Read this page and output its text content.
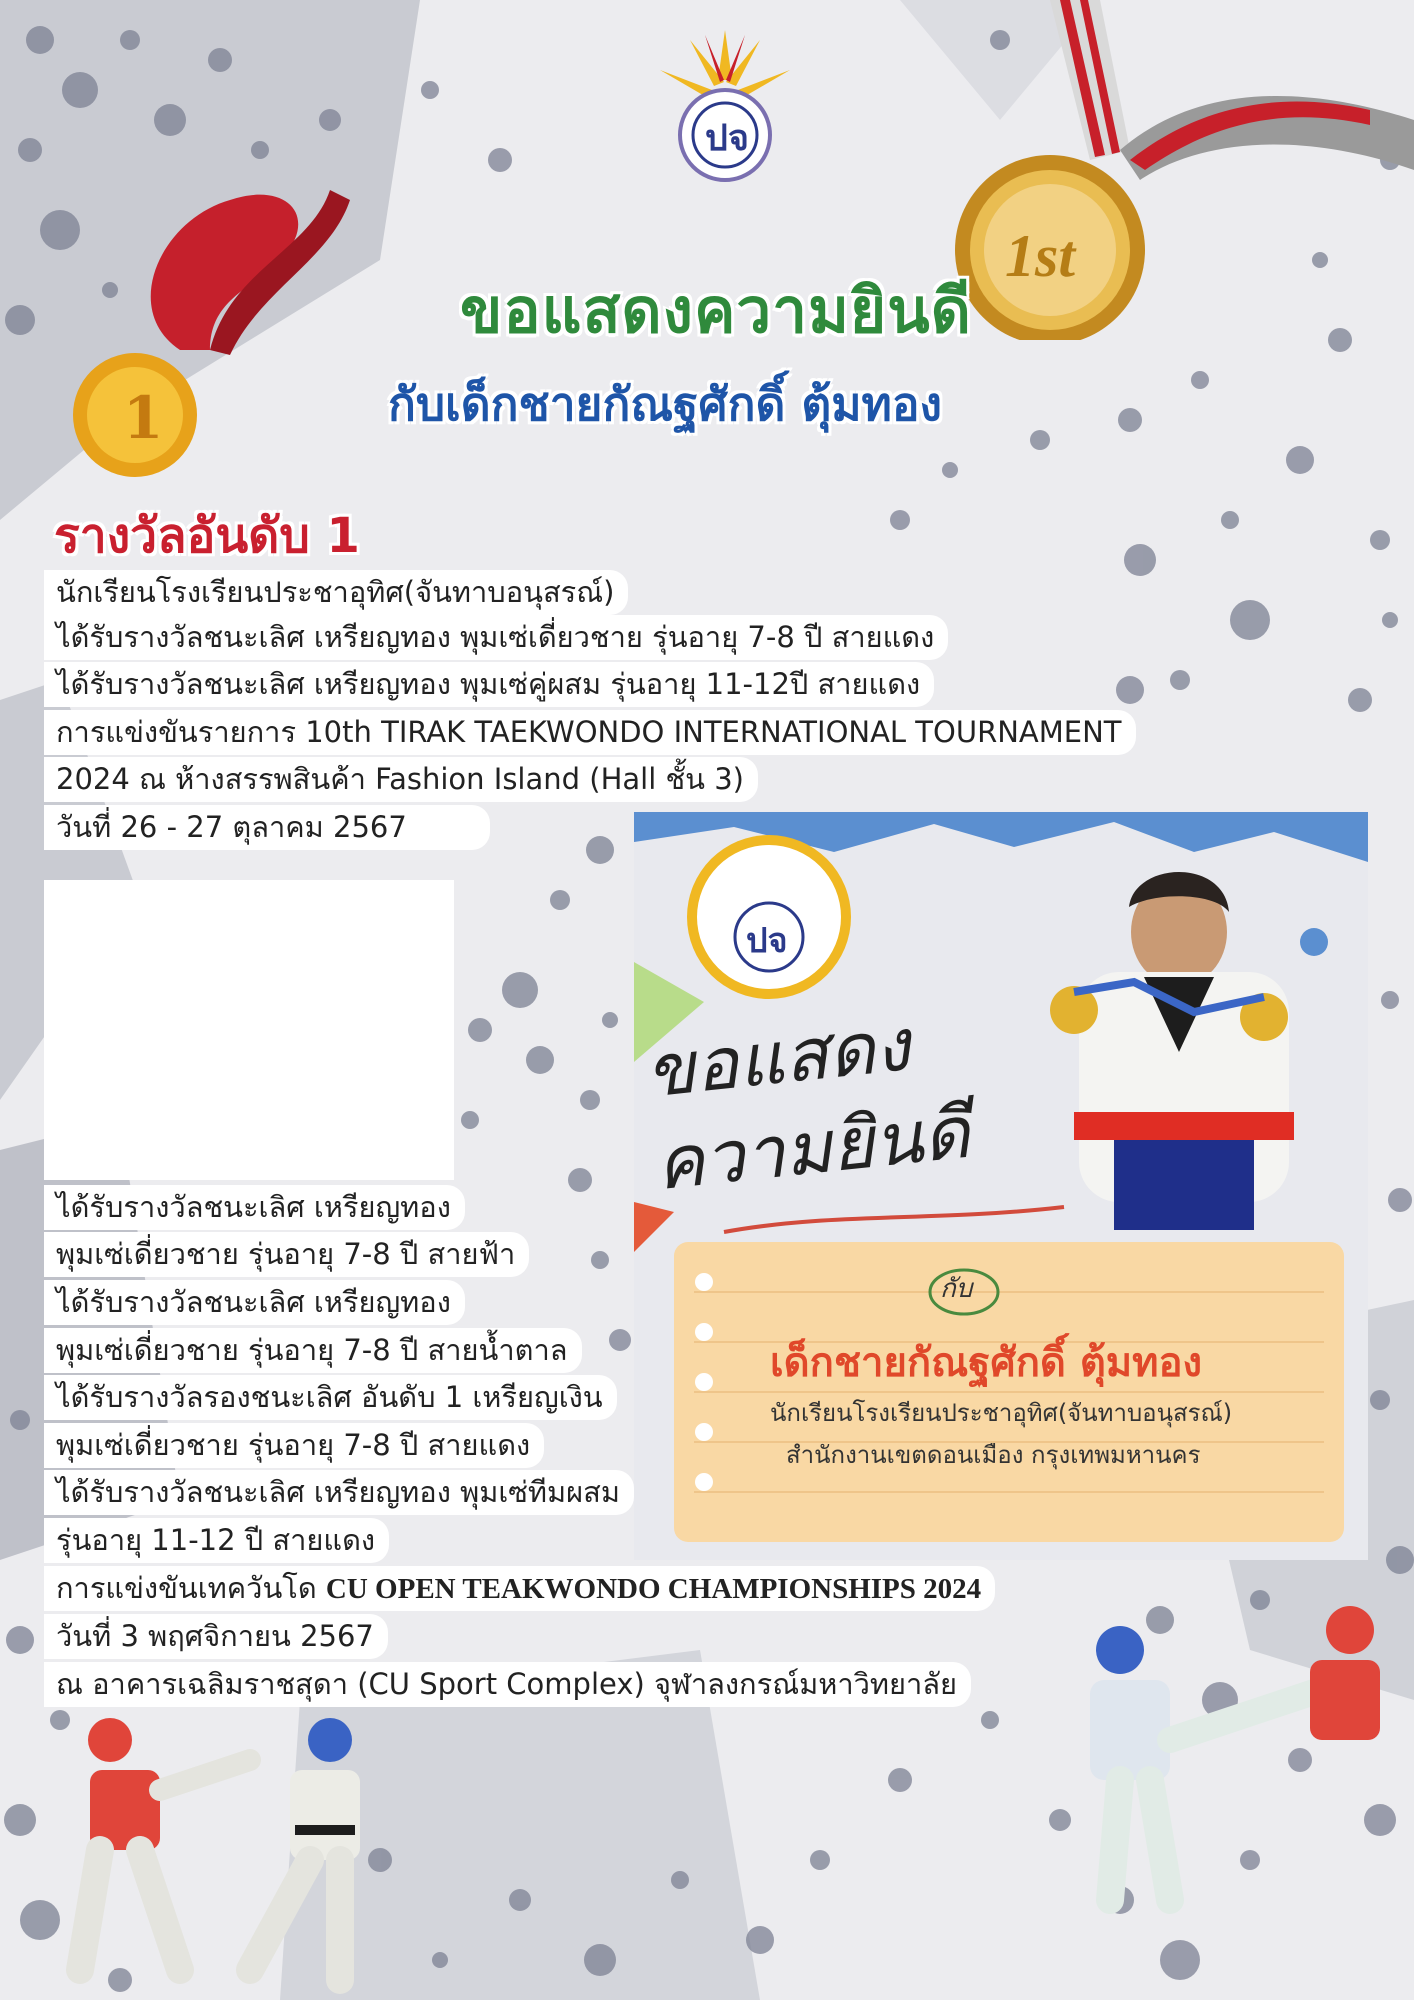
1
1st
ปจ
ขอแสดงความยินดี
กับเด็กชายกัณฐศักดิ์ ตุ้มทอง
รางวัลอันดับ 1
นักเรียนโรงเรียนประชาอุทิศ(จันทาบอนุสรณ์)
ได้รับรางวัลชนะเลิศ เหรียญทอง พุมเซ่เดี่ยวชาย รุ่นอายุ 7-8 ปี สายแดง
ได้รับรางวัลชนะเลิศ เหรียญทอง พุมเซ่คู่ผสม รุ่นอายุ 11-12ปี สายแดง
การแข่งขันรายการ 10th TIRAK TAEKWONDO INTERNATIONAL TOURNAMENT
2024 ณ ห้างสรรพสินค้า Fashion Island (Hall ชั้น 3)
วันที่ 26 - 27 ตุลาคม 2567
ปจ
ขอแสดง
ความยินดี
กับ
เด็กชายกัณฐศักดิ์ ตุ้มทอง
นักเรียนโรงเรียนประชาอุทิศ(จันทาบอนุสรณ์)
สำนักงานเขตดอนเมือง กรุงเทพมหานคร
ได้รับรางวัลชนะเลิศ เหรียญทอง
พุมเซ่เดี่ยวชาย รุ่นอายุ 7-8 ปี สายฟ้า
ได้รับรางวัลชนะเลิศ เหรียญทอง
พุมเซ่เดี่ยวชาย รุ่นอายุ 7-8 ปี สายน้ำตาล
ได้รับรางวัลรองชนะเลิศ อันดับ 1 เหรียญเงิน
พุมเซ่เดี่ยวชาย รุ่นอายุ 7-8 ปี สายแดง
ได้รับรางวัลชนะเลิศ เหรียญทอง พุมเซ่ทีมผสม
รุ่นอายุ 11-12 ปี สายแดง
การแข่งขันเทควันโด CU OPEN TEAKWONDO CHAMPIONSHIPS 2024
วันที่ 3 พฤศจิกายน 2567
ณ อาคารเฉลิมราชสุดา (CU Sport Complex) จุฬาลงกรณ์มหาวิทยาลัย
